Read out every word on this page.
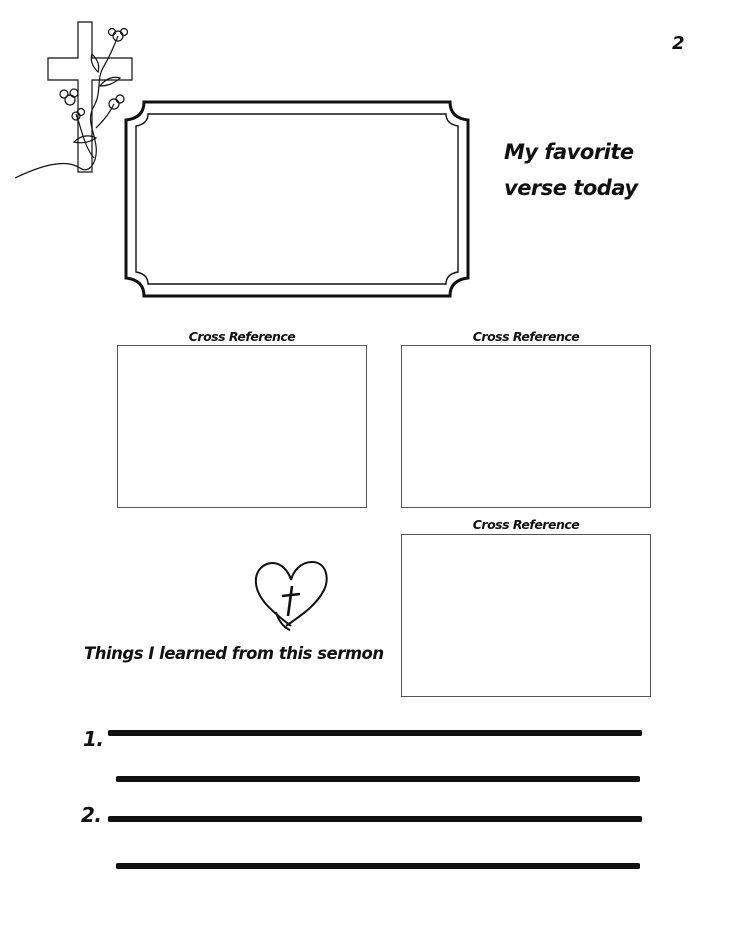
2
My favorite
verse today
Cross Reference	Cross Reference
Cross Reference
Things I learned from this sermon
1.
2.
